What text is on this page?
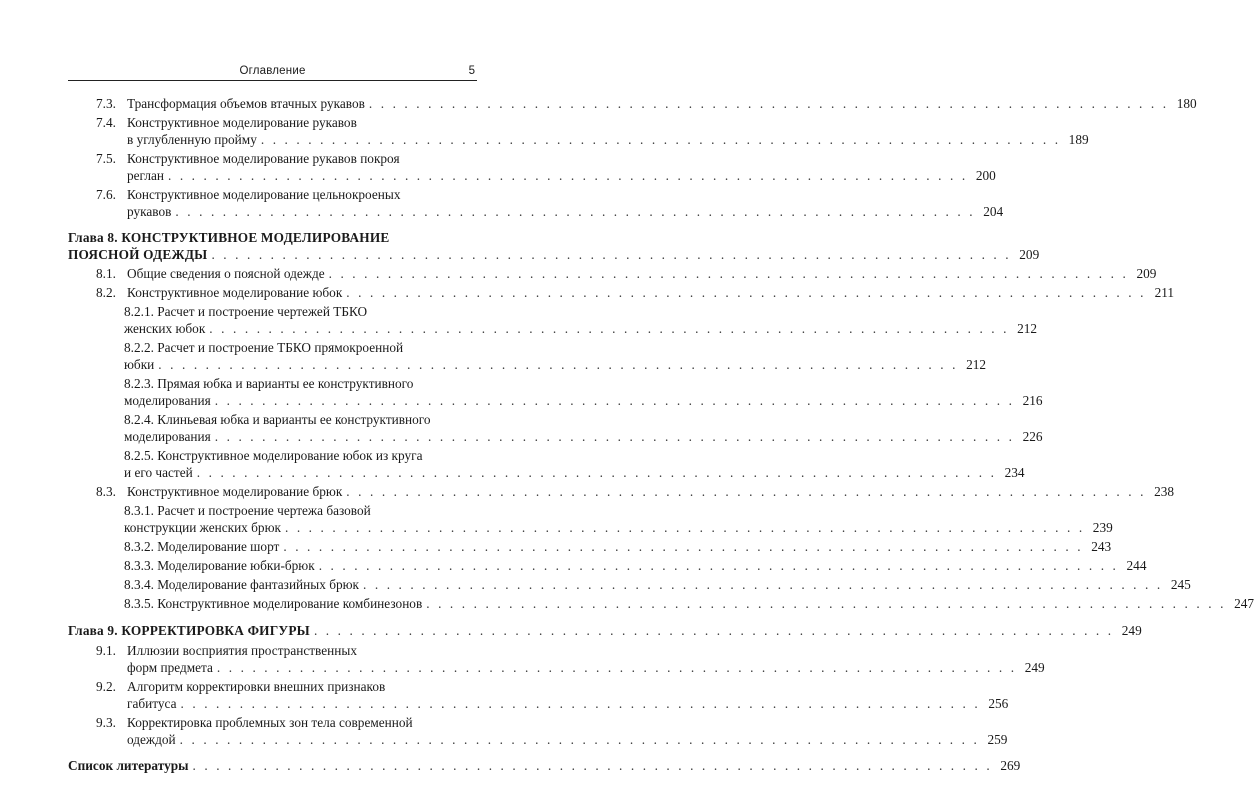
Оглавление	5
7.3. Трансформация объемов втачных рукавов . . . . . . . . . . . . . . . . . . . . . . . . . . . . . . . . . . . . . . . . . . . . . . . . . . . . . . . . . . . . . . . . . . . . 180
7.4. Конструктивное моделирование рукавов
в углубленную пройму . . . . . . . . . . . . . . . . . . . . . . . . . . . . . . . . . . . . . . . . . . . . . . . . . . . . . . . . . . . . . . . . . . . . 189
7.5. Конструктивное моделирование рукавов покроя
реглан . . . . . . . . . . . . . . . . . . . . . . . . . . . . . . . . . . . . . . . . . . . . . . . . . . . . . . . . . . . . . . . . . . . . 200
7.6. Конструктивное моделирование цельнокроеных
рукавов . . . . . . . . . . . . . . . . . . . . . . . . . . . . . . . . . . . . . . . . . . . . . . . . . . . . . . . . . . . . . . . . . . . . 204
Глава 8. КОНСТРУКТИВНОЕ МОДЕЛИРОВАНИЕ
ПОЯСНОЙ ОДЕЖДЫ . . . . . . . . . . . . . . . . . . . . . . . . . . . . . . . . . . . . . . . . . . . . . . . . . . . . . . . . . . . . . . . . . . . . 209
8.1. Общие сведения о поясной одежде . . . . . . . . . . . . . . . . . . . . . . . . . . . . . . . . . . . . . . . . . . . . . . . . . . . . . . . . . . . . . . . . . . . . 209
8.2. Конструктивное моделирование юбок . . . . . . . . . . . . . . . . . . . . . . . . . . . . . . . . . . . . . . . . . . . . . . . . . . . . . . . . . . . . . . . . . . . . 211
8.2.1. Расчет и построение чертежей ТБКО
женских юбок . . . . . . . . . . . . . . . . . . . . . . . . . . . . . . . . . . . . . . . . . . . . . . . . . . . . . . . . . . . . . . . . . . . . 212
8.2.2. Расчет и построение ТБКО прямокроенной
юбки . . . . . . . . . . . . . . . . . . . . . . . . . . . . . . . . . . . . . . . . . . . . . . . . . . . . . . . . . . . . . . . . . . . . 212
8.2.3. Прямая юбка и варианты ее конструктивного
моделирования . . . . . . . . . . . . . . . . . . . . . . . . . . . . . . . . . . . . . . . . . . . . . . . . . . . . . . . . . . . . . . . . . . . . 216
8.2.4. Клиньевая юбка и варианты ее конструктивного
моделирования . . . . . . . . . . . . . . . . . . . . . . . . . . . . . . . . . . . . . . . . . . . . . . . . . . . . . . . . . . . . . . . . . . . . 226
8.2.5. Конструктивное моделирование юбок из круга
и его частей . . . . . . . . . . . . . . . . . . . . . . . . . . . . . . . . . . . . . . . . . . . . . . . . . . . . . . . . . . . . . . . . . . . . 234
8.3. Конструктивное моделирование брюк . . . . . . . . . . . . . . . . . . . . . . . . . . . . . . . . . . . . . . . . . . . . . . . . . . . . . . . . . . . . . . . . . . . . 238
8.3.1. Расчет и построение чертежа базовой
конструкции женских брюк . . . . . . . . . . . . . . . . . . . . . . . . . . . . . . . . . . . . . . . . . . . . . . . . . . . . . . . . . . . . . . . . . . . . 239
8.3.2. Моделирование шорт . . . . . . . . . . . . . . . . . . . . . . . . . . . . . . . . . . . . . . . . . . . . . . . . . . . . . . . . . . . . . . . . . . . . 243
8.3.3. Моделирование юбки-брюк . . . . . . . . . . . . . . . . . . . . . . . . . . . . . . . . . . . . . . . . . . . . . . . . . . . . . . . . . . . . . . . . . . . . 244
8.3.4. Моделирование фантазийных брюк . . . . . . . . . . . . . . . . . . . . . . . . . . . . . . . . . . . . . . . . . . . . . . . . . . . . . . . . . . . . . . . . . . . . 245
8.3.5. Конструктивное моделирование комбинезонов . . . . . . . . . . . . . . . . . . . . . . . . . . . . . . . . . . . . . . . . . . . . . . . . . . . . . . . . . . . . . . . . . . . . 247
Глава 9. КОРРЕКТИРОВКА ФИГУРЫ . . . . . . . . . . . . . . . . . . . . . . . . . . . . . . . . . . . . . . . . . . . . . . . . . . . . . . . . . . . . . . . . . . . . 249
9.1. Иллюзии восприятия пространственных
форм предмета . . . . . . . . . . . . . . . . . . . . . . . . . . . . . . . . . . . . . . . . . . . . . . . . . . . . . . . . . . . . . . . . . . . . 249
9.2. Алгоритм корректировки внешних признаков
габитуса . . . . . . . . . . . . . . . . . . . . . . . . . . . . . . . . . . . . . . . . . . . . . . . . . . . . . . . . . . . . . . . . . . . . 256
9.3. Корректировка проблемных зон тела современной
одеждой . . . . . . . . . . . . . . . . . . . . . . . . . . . . . . . . . . . . . . . . . . . . . . . . . . . . . . . . . . . . . . . . . . . . 259
Список литературы . . . . . . . . . . . . . . . . . . . . . . . . . . . . . . . . . . . . . . . . . . . . . . . . . . . . . . . . . . . . . . . . . . . . 269
